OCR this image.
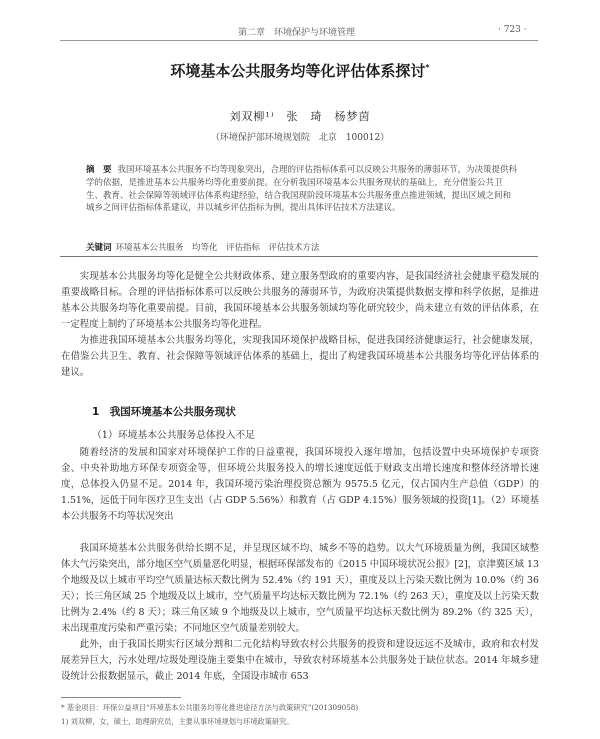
第二章　环境保护与环境管理	· 723 ·
环境基本公共服务均等化评估体系探讨*
刘双柳¹⁾　张　琦　杨梦茵
（环境保护部环境规划院　北京　100012）
摘　要 我国环境基本公共服务不均等现象突出，合理的评估指标体系可以反映公共服务的薄弱环节，为决策提供科学的依据，是推进基本公共服务均等化重要前提。在分析我国环境基本公共服务现状的基础上，充分借鉴公共卫生、教育、社会保障等领域评估体系构建经验，结合我国现阶段环境基本公共服务重点推进领域，提出区域之间和城乡之间评估指标体系建议，并以城乡评估指标为例，提出具体评估技术方法建议。
关键词 环境基本公共服务　均等化　评估指标　评估技术方法

实现基本公共服务均等化是健全公共财政体系、建立服务型政府的重要内容，是我国经济社会健康平稳发展的重要战略目标。合理的评估指标体系可以反映公共服务的薄弱环节，为政府决策提供数据支撑和科学依据，是推进基本公共服务均等化重要前提。目前，我国环境基本公共服务领域均等化研究较少，尚未建立有效的评估体系，在一定程度上制约了环境基本公共服务均等化进程。

为推进我国环境基本公共服务均等化，实现我国环境保护战略目标，促进我国经济健康运行，社会健康发展，在借鉴公共卫生、教育、社会保障等领域评估体系的基础上，提出了构建我国环境基本公共服务均等化评估体系的建议。

1　我国环境基本公共服务现状
（1）环境基本公共服务总体投入不足

随着经济的发展和国家对环境保护工作的日益重视，我国环境投入逐年增加，包括设置中央环境保护专项资金、中央补助地方环保专项资金等，但环境公共服务投入的增长速度远低于财政支出增长速度和整体经济增长速度，总体投入仍显不足。2014 年，我国环境污染治理投资总额为 9575.5 亿元，仅占国内生产总值（GDP）的 1.51%，远低于同年医疗卫生支出（占 GDP 5.56%）和教育（占 GDP 4.15%）服务领域的投资[1]。（2）环境基本公共服务不均等状况突出

我国环境基本公共服务供给长期不足，并呈现区域不均、城乡不等的趋势。以大气环境质量为例，我国区域整体大气污染突出，部分地区空气质量恶化明显，根据环保部发布的《2015 中国环境状况公报》[2]，京津冀区域 13 个地级及以上城市平均空气质量达标天数比例为 52.4%（约 191 天），重度及以上污染天数比例为 10.0%（约 36 天）；长三角区域 25 个地级及以上城市，空气质量平均达标天数比例为 72.1%（约 263 天），重度及以上污染天数比例为 2.4%（约 8 天）；珠三角区域 9 个地级及以上城市，空气质量平均达标天数比例为 89.2%（约 325 天），未出现重度污染和严重污染；不同地区空气质量差别较大。

此外，由于我国长期实行区域分割和二元化结构导致农村公共服务的投资和建设远远不及城市，政府和农村发展差异巨大，污水处理/垃圾处理设施主要集中在城市，导致农村环境基本公共服务处于缺位状态。2014 年城乡建设统计公报数据显示，截止 2014 年底，全国设市城市 653

* 基金项目：环保公益项目“环境基本公共服务均等化推进途径方法与政策研究”(201309058)
1) 刘双柳，女，硕士，助理研究员，主要从事环境规划与环境政策研究。
